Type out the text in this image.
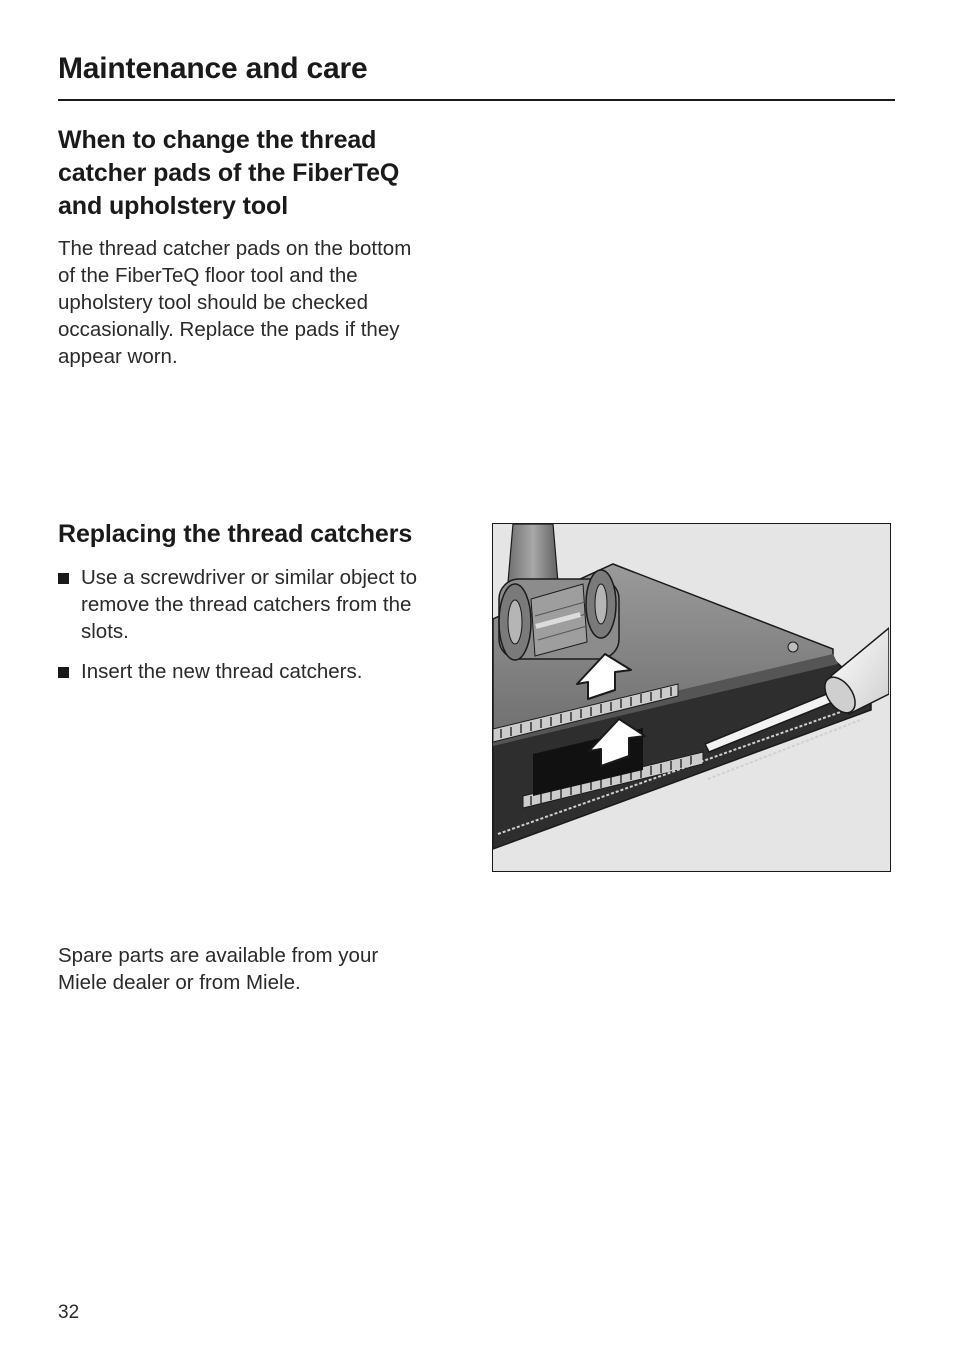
Maintenance and care
When to change the thread
catcher pads of the FiberTeQ
and upholstery tool

The thread catcher pads on the bottom
of the FiberTeQ floor tool and the
upholstery tool should be checked
occasionally. Replace the pads if they
appear worn.

Replacing the thread catchers
Use a screwdriver or similar object to
remove the thread catchers from the
slots.
Insert the new thread catchers.

Spare parts are available from your
Miele dealer or from Miele.

32
